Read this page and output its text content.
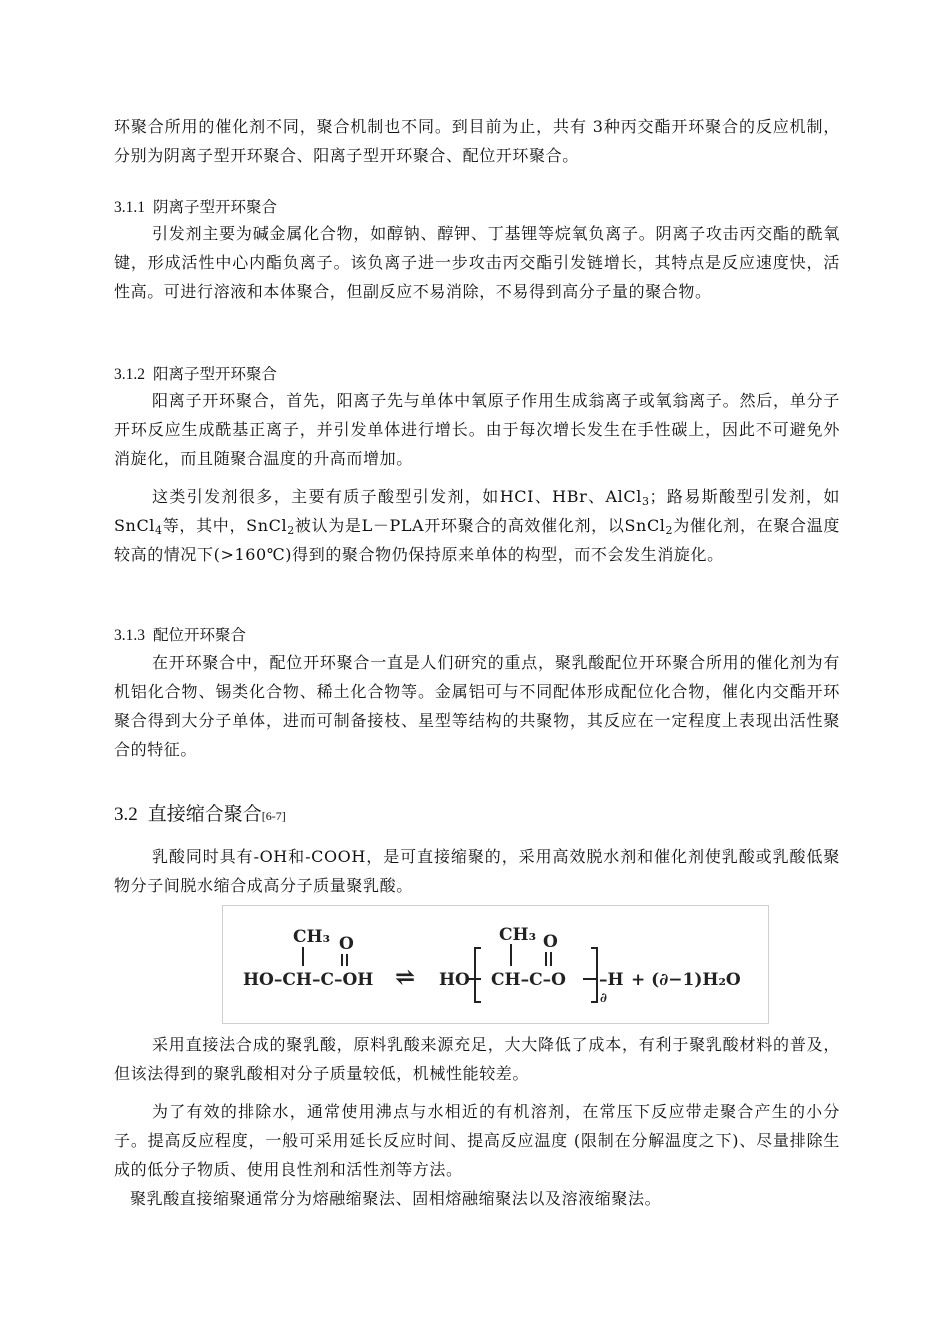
环聚合所用的催化剂不同，聚合机制也不同。到目前为止，共有 3种丙交酯开环聚合的反应机制，分别为阴离子型开环聚合、阳离子型开环聚合、配位开环聚合。

3.1.1 阴离子型开环聚合

引发剂主要为碱金属化合物，如醇钠、醇钾、丁基锂等烷氧负离子。阴离子攻击丙交酯的酰氧键，形成活性中心内酯负离子。该负离子进一步攻击丙交酯引发链增长，其特点是反应速度快，活性高。可进行溶液和本体聚合，但副反应不易消除，不易得到高分子量的聚合物。

3.1.2 阳离子型开环聚合

阳离子开环聚合，首先，阳离子先与单体中氧原子作用生成翁离子或氧翁离子。然后，单分子开环反应生成酰基正离子，并引发单体进行增长。由于每次增长发生在手性碳上，因此不可避免外消旋化，而且随聚合温度的升高而增加。

这类引发剂很多，主要有质子酸型引发剂，如HCI、HBr、AlCl$_3$；路易斯酸型引发剂，如SnCl$_4$等，其中，SnCl$_2$被认为是L－PLA开环聚合的高效催化剂，以SnCl$_2$为催化剂，在聚合温度较高的情况下(>160℃)得到的聚合物仍保持原来单体的构型，而不会发生消旋化。

3.1.3 配位开环聚合

在开环聚合中，配位开环聚合一直是人们研究的重点，聚乳酸配位开环聚合所用的催化剂为有机铝化合物、锡类化合物、稀土化合物等。金属铝可与不同配体形成配位化合物，催化内交酯开环聚合得到大分子单体，进而可制备接枝、星型等结构的共聚物，其反应在一定程度上表现出活性聚合的特征。

3.2 直接缩合聚合[6-7]

乳酸同时具有-OH和-COOH，是可直接缩聚的，采用高效脱水剂和催化剂使乳酸或乳酸低聚物分子间脱水缩合成高分子质量聚乳酸。

CH₃ O
HO–CH–C–OH ⇌ HO
CH₃ O
CH–C–O
∂
–H + (∂−1)H₂O

采用直接法合成的聚乳酸，原料乳酸来源充足，大大降低了成本，有利于聚乳酸材料的普及，但该法得到的聚乳酸相对分子质量较低，机械性能较差。

为了有效的排除水，通常使用沸点与水相近的有机溶剂，在常压下反应带走聚合产生的小分子。提高反应程度，一般可采用延长反应时间、提高反应温度 (限制在分解温度之下)、尽量排除生成的低分子物质、使用良性剂和活性剂等方法。

聚乳酸直接缩聚通常分为熔融缩聚法、固相熔融缩聚法以及溶液缩聚法。
